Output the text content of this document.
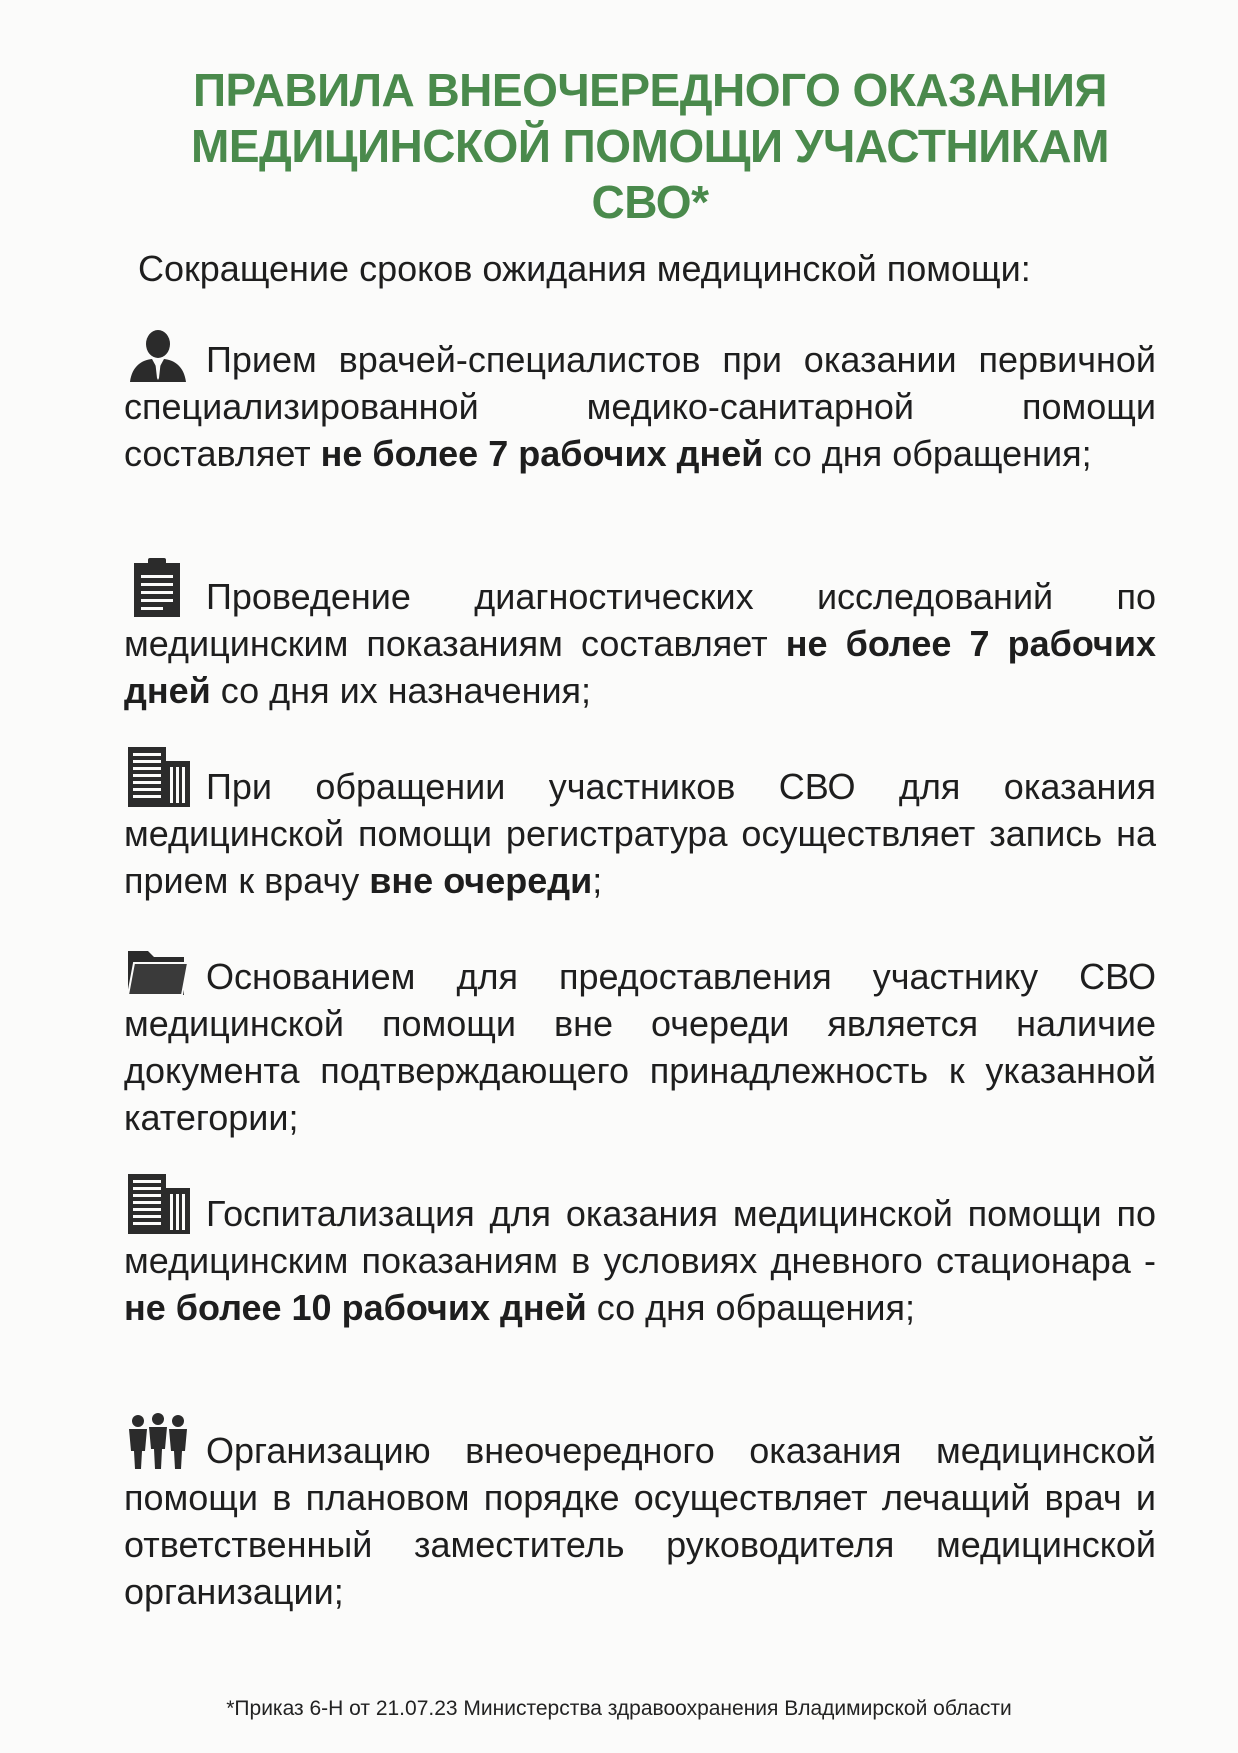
ПРАВИЛА ВНЕОЧЕРЕДНОГО ОКАЗАНИЯ
МЕДИЦИНСКОЙ ПОМОЩИ УЧАСТНИКАМ
СВО*
Сокращение сроков ожидания медицинской помощи:
Прием врачей-специалистов при оказании первичной специализированной медико-санитарной помощи составляет не более 7 рабочих дней со дня обращения;
Проведение диагностических исследований по медицинским показаниям составляет не более 7 рабочих дней со дня их назначения;
При обращении участников СВО для оказания медицинской помощи регистратура осуществляет запись на прием к врачу вне очереди;
Основанием для предоставления участнику СВО медицинской помощи вне очереди является наличие документа подтверждающего принадлежность к указанной категории;
Госпитализация для оказания медицинской помощи по медицинским показаниям в условиях дневного стационара - не более 10 рабочих дней со дня обращения;
Организацию внеочередного оказания медицинской помощи в плановом порядке осуществляет лечащий врач и ответственный заместитель руководителя медицинской организации;
*Приказ 6-Н от 21.07.23 Министерства здравоохранения Владимирской области
